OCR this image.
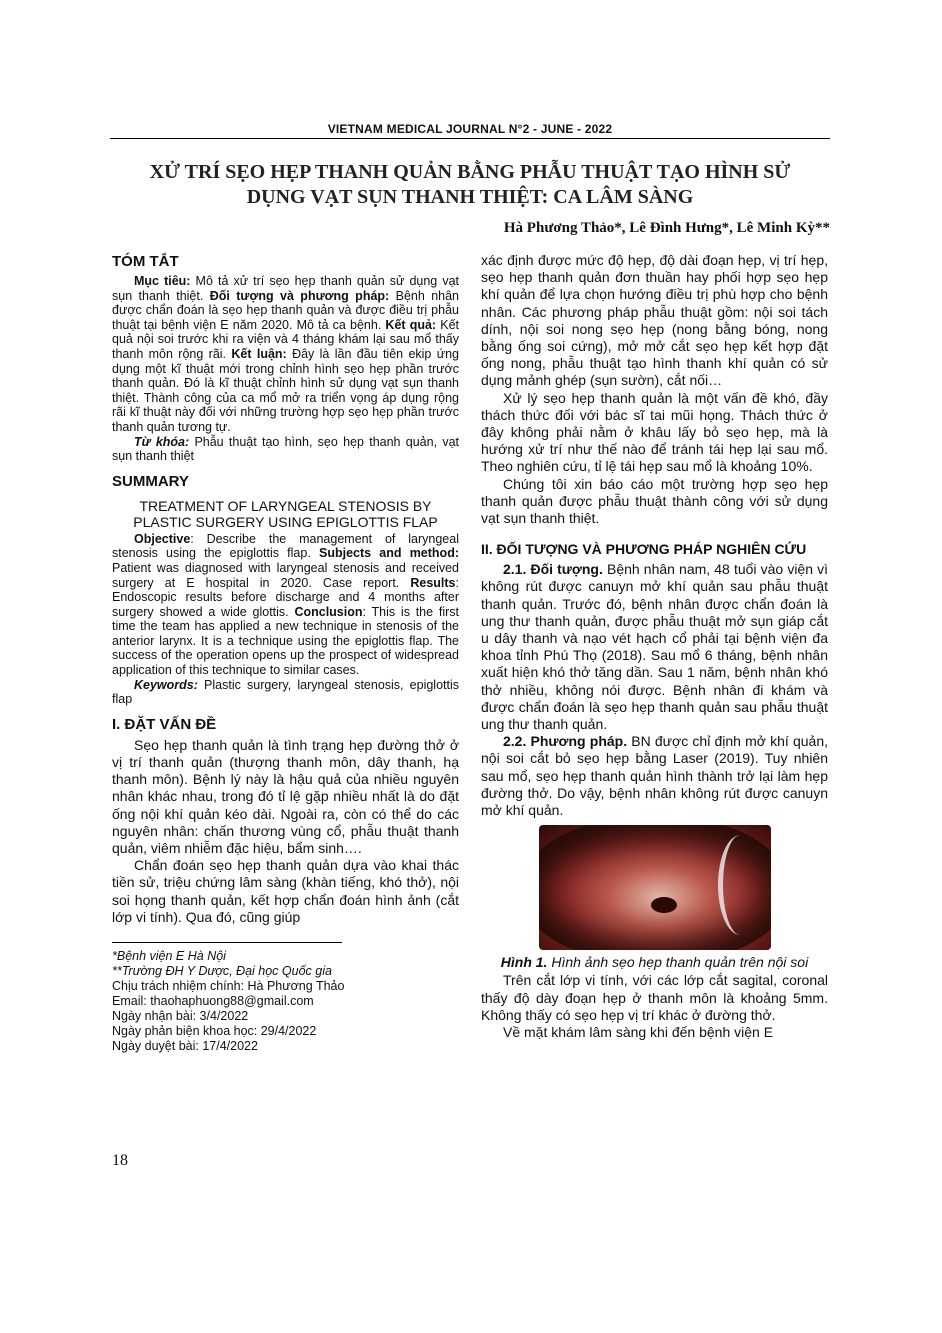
VIETNAM MEDICAL JOURNAL N°2 - JUNE - 2022
XỬ TRÍ SẸO HẸP THANH QUẢN BẰNG PHẪU THUẬT TẠO HÌNH SỬ DỤNG VẠT SỤN THANH THIỆT: CA LÂM SÀNG
Hà Phương Thảo*, Lê Đình Hưng*, Lê Minh Kỳ**
TÓM TẮT

Mục tiêu: Mô tả xử trí sẹo hẹp thanh quản sử dụng vạt sụn thanh thiệt. Đối tượng và phương pháp: Bệnh nhân được chẩn đoán là sẹo hẹp thanh quản và được điều trị phẫu thuật tại bệnh viện E năm 2020. Mô tả ca bệnh. Kết quả: Kết quả nội soi trước khi ra viện và 4 tháng khám lại sau mổ thấy thanh môn rộng rãi. Kết luận: Đây là lần đầu tiên ekip ứng dụng một kĩ thuật mới trong chỉnh hình sẹo hẹp phần trước thanh quản. Đó là kĩ thuật chỉnh hình sử dụng vạt sụn thanh thiệt. Thành công của ca mổ mở ra triển vọng áp dụng rộng rãi kĩ thuật này đối với những trường hợp sẹo hẹp phần trước thanh quản tương tự.

Từ khóa: Phẫu thuật tạo hình, sẹo hẹp thanh quản, vạt sụn thanh thiệt

SUMMARY
TREATMENT OF LARYNGEAL STENOSIS BY PLASTIC SURGERY USING EPIGLOTTIS FLAP

Objective: Describe the management of laryngeal stenosis using the epiglottis flap. Subjects and method: Patient was diagnosed with laryngeal stenosis and received surgery at E hospital in 2020. Case report. Results: Endoscopic results before discharge and 4 months after surgery showed a wide glottis. Conclusion: This is the first time the team has applied a new technique in stenosis of the anterior larynx. It is a technique using the epiglottis flap. The success of the operation opens up the prospect of widespread application of this technique to similar cases.

Keywords: Plastic surgery, laryngeal stenosis, epiglottis flap

I. ĐẶT VẤN ĐỀ

Sẹo hẹp thanh quản là tình trạng hẹp đường thở ở vị trí thanh quản (thượng thanh môn, dây thanh, hạ thanh môn). Bệnh lý này là hậu quả của nhiều nguyên nhân khác nhau, trong đó tỉ lệ gặp nhiều nhất là do đặt ống nội khí quản kéo dài. Ngoài ra, còn có thể do các nguyên nhân: chấn thương vùng cổ, phẫu thuật thanh quản, viêm nhiễm đặc hiệu, bẩm sinh….

Chẩn đoán sẹo hẹp thanh quản dựa vào khai thác tiền sử, triệu chứng lâm sàng (khàn tiếng, khó thở), nội soi họng thanh quản, kết hợp chẩn đoán hình ảnh (cắt lớp vi tính). Qua đó, cũng giúp

*Bệnh viện E Hà Nội
**Trường ĐH Y Dược, Đại học Quốc gia
Chịu trách nhiệm chính: Hà Phương Thảo
Email: thaohaphuong88@gmail.com
Ngày nhận bài: 3/4/2022
Ngày phản biện khoa học: 29/4/2022
Ngày duyệt bài: 17/4/2022

xác định được mức độ hẹp, độ dài đoạn hẹp, vị trí hẹp, sẹo hẹp thanh quản đơn thuần hay phối hợp sẹo hẹp khí quản để lựa chọn hướng điều trị phù hợp cho bệnh nhân. Các phương pháp phẫu thuật gồm: nội soi tách dính, nội soi nong sẹo hẹp (nong bằng bóng, nong bằng ống soi cứng), mở mở cắt sẹo hẹp kết hợp đặt ống nong, phẫu thuật tạo hình thanh khí quản có sử dụng mảnh ghép (sụn sườn), cắt nối…

Xử lý sẹo hẹp thanh quản là một vấn đề khó, đầy thách thức đối với bác sĩ tai mũi họng. Thách thức ở đây không phải nằm ở khâu lấy bỏ sẹo hẹp, mà là hướng xử trí như thế nào để tránh tái hẹp lại sau mổ. Theo nghiên cứu, tỉ lệ tái hẹp sau mổ là khoảng 10%.

Chúng tôi xin báo cáo một trường hợp sẹo hẹp thanh quản được phẫu thuật thành công với sử dụng vạt sụn thanh thiệt.

II. ĐỐI TƯỢNG VÀ PHƯƠNG PHÁP NGHIÊN CỨU

2.1. Đối tượng. Bệnh nhân nam, 48 tuổi vào viện vì không rút được canuyn mở khí quản sau phẫu thuật thanh quản. Trước đó, bệnh nhân được chẩn đoán là ung thư thanh quản, được phẫu thuật mở sụn giáp cắt u dây thanh và nạo vét hạch cổ phải tại bệnh viện đa khoa tỉnh Phú Thọ (2018). Sau mổ 6 tháng, bệnh nhân xuất hiện khó thở tăng dần. Sau 1 năm, bệnh nhân khó thở nhiều, không nói được. Bệnh nhân đi khám và được chẩn đoán là sẹo hẹp thanh quản sau phẫu thuật ung thư thanh quản.

2.2. Phương pháp. BN được chỉ định mở khí quản, nội soi cắt bỏ sẹo hẹp bằng Laser (2019). Tuy nhiên sau mổ, sẹo hẹp thanh quản hình thành trở lại làm hẹp đường thở. Do vậy, bệnh nhân không rút được canuyn mở khí quản.

Hình 1. Hình ảnh sẹo hẹp thanh quản trên nội soi

Trên cắt lớp vi tính, với các lớp cắt sagital, coronal thấy độ dày đoạn hẹp ở thanh môn là khoảng 5mm. Không thấy có sẹo hẹp vị trí khác ở đường thở.

Về mặt khám lâm sàng khi đến bệnh viện E

18
